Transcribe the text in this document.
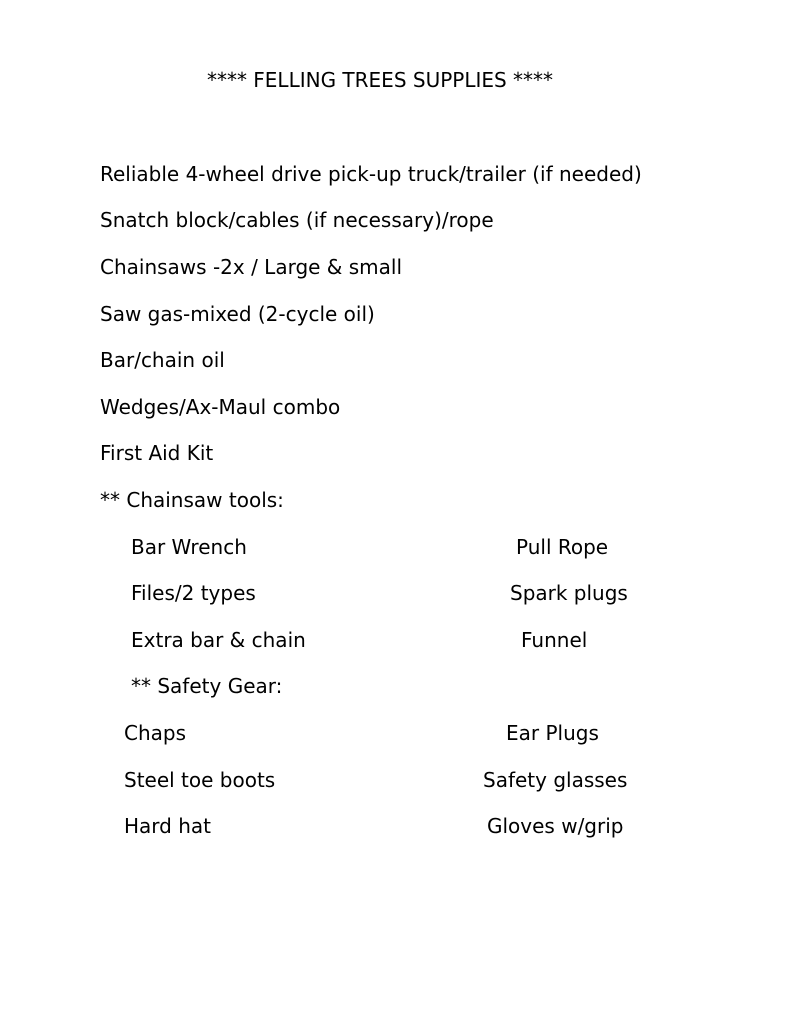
**** FELLING TREES SUPPLIES ****
Reliable 4-wheel drive pick-up truck/trailer (if needed)
Snatch block/cables (if necessary)/rope
Chainsaws -2x / Large & small
Saw gas-mixed (2-cycle oil)
Bar/chain oil
Wedges/Ax-Maul combo
First Aid Kit
** Chainsaw tools:
Bar Wrench	Pull Rope
Files/2 types	Spark plugs
Extra bar & chain	Funnel
** Safety Gear:
Chaps	Ear Plugs
Steel toe boots	Safety glasses
Hard hat	Gloves w/grip
